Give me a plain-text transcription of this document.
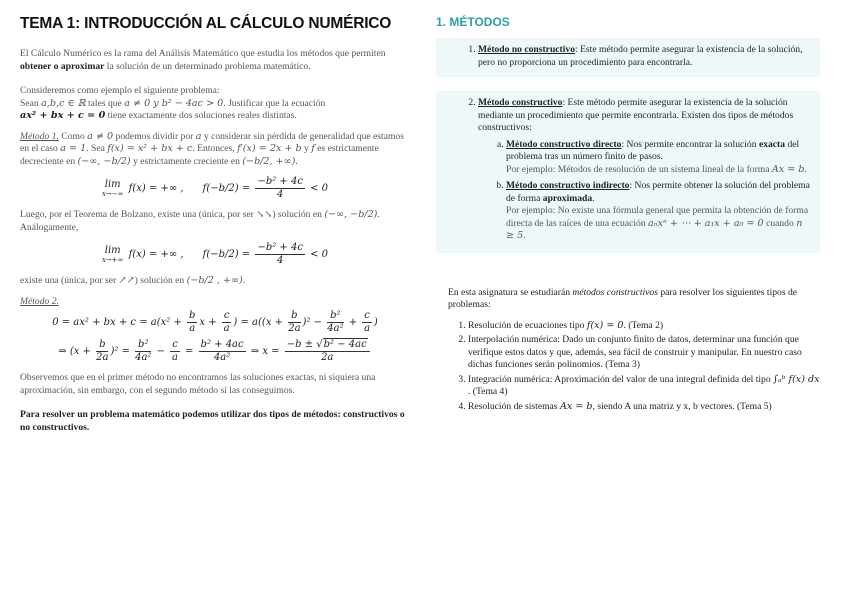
TEMA 1: INTRODUCCIÓN AL CÁLCULO NUMÉRICO

El Cálculo Numérico es la rama del Análisis Matemático que estudia los métodos que permiten obtener o aproximar la solución de un determinado problema matemático.

Consideremos como ejemplo el siguiente problema:
Sean a,b,c ∈ ℝ tales que a ≠ 0 y b² − 4ac > 0. Justificar que la ecuación
ax² + bx + c = 0 tiene exactamente dos soluciones reales distintas.

Método 1. Como a ≠ 0 podemos dividir por a y considerar sin pérdida de generalidad que estamos en el caso a = 1. Sea f(x) = x² + bx + c. Entonces, f′(x) = 2x + b y f es estrictamente decreciente en (−∞, −b/2) y estrictamente creciente en (−b/2, +∞).

lim
x→−∞
f(x) = +∞ , $f(-b/2) = \frac{\text{−b² + 4c}}{4} < 0$

Luego, por el Teorema de Bolzano, existe una (única, por ser ↘↘) solución en (−∞, −b/2). Análogamente,

lim
x→+∞
f(x) = +∞ , $f(-b/2) = \frac{\text{−b² + 4c}}{4} < 0$

existe una (única, por ser ↗↗) solución en (−b/2 , +∞).

Método 2.

0 = ax² + bx + $c = a(x^2 + \frac{b}{a}$ $x + \frac{c}{a}$ ) = $a((x + \frac{b}{2a} )^2 - \frac{\text{b²}}{\text{4a²}} + \frac{c}{a}$ )
⇒ $(x + \frac{b}{2a} )^2 = \frac{\text{b²}}{\text{4a²}} - \frac{c}{a} = \frac{\text{b² + 4ac}}{\text{4a²}}$ ⇒ $x = \frac{\text{−b ± √b² − 4ac}}{2a}$

Observemos que en el primer método no encontramos las soluciones exactas, ni siquiera una aproximación, sin embargo, con el segundo método sí las conseguimos.

Para resolver un problema matemático podemos utilizar dos tipos de métodos: constructivos o no constructivos.

1. MÉTODOS
1. Método no constructivo: Este método permite asegurar la existencia de la solución, pero no proporciona un procedimiento para encontrarla.
2. Método constructivo: Este método permite asegurar la existencia de la solución mediante un procedimiento que permite encontrarla. Existen dos tipos de métodos constructivos:
a. Método constructivo directo: Nos permite encontrar la solución exacta del problema tras un número finito de pasos.
Por ejemplo: Métodos de resolución de un sistema lineal de la forma Ax = b.
b. Método constructivo indirecto: Nos permite obtener la solución del problema de forma aproximada.
Por ejemplo: No existe una fórmula general que permita la obtención de forma directa de las raíces de una ecuación aₙxⁿ + ⋯ + a₁x + a₀ = 0 cuando n ≥ 5.

En esta asignatura se estudiarán métodos constructivos para resolver los siguientes tipos de problemas:

1. Resolución de ecuaciones tipo f(x) = 0. (Tema 2)
2. Interpolación numérica: Dado un conjunto finito de datos, determinar una función que verifique estos datos y que, además, sea fácil de construir y manipular. En nuestro caso dichas funciones serán polinomios. (Tema 3)
3. Integración numérica: Aproximación del valor de una integral definida del tipo ∫ₐᵇ f(x) dx . (Tema 4)
4. Resolución de sistemas Ax = b, siendo A una matriz y x, b vectores. (Tema 5)
